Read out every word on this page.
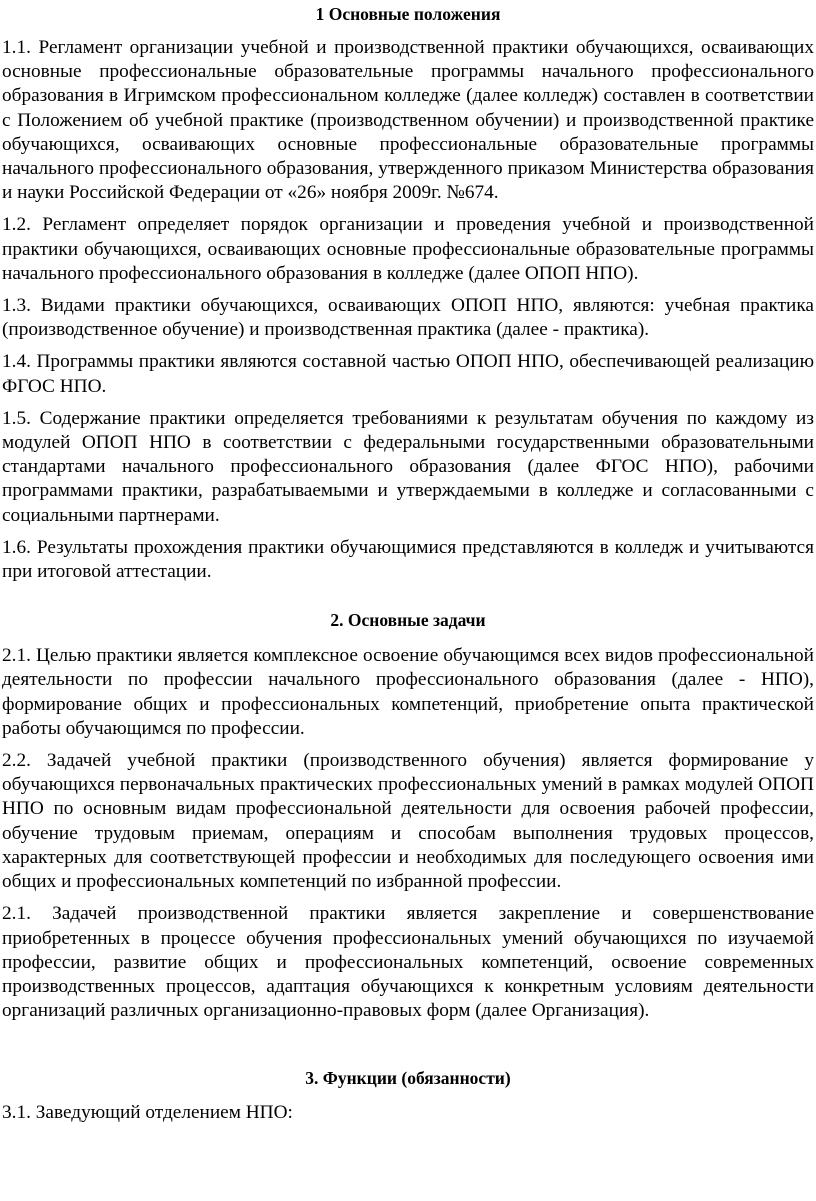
1 Основные положения

1.1. Регламент организации учебной и производственной практики обучающихся, осваивающих основные профессиональные образовательные программы начального профессионального образования в Игримском профессиональном колледже (далее колледж) составлен в соответствии с Положением об учебной практике (производственном обучении) и производственной практике обучающихся, осваивающих основные профессиональные образовательные программы начального профессионального образования, утвержденного приказом Министерства образования и науки Российской Федерации от «26» ноября 2009г. №674.

1.2. Регламент определяет порядок организации и проведения учебной и производственной практики обучающихся, осваивающих основные профессиональные образовательные программы начального профессионального образования в колледже (далее ОПОП НПО).

1.3. Видами практики обучающихся, осваивающих ОПОП НПО, являются: учебная практика (производственное обучение) и производственная практика (далее - практика).

1.4. Программы практики являются составной частью ОПОП НПО, обеспечивающей реализацию ФГОС НПО.

1.5. Содержание практики определяется требованиями к результатам обучения по каждому из модулей ОПОП НПО в соответствии с федеральными государственными образовательными стандартами начального профессионального образования (далее ФГОС НПО), рабочими программами практики, разрабатываемыми и утверждаемыми в колледже и согласованными с социальными партнерами.

1.6. Результаты прохождения практики обучающимися представляются в колледж и учитываются при итоговой аттестации.

2. Основные задачи

2.1. Целью практики является комплексное освоение обучающимся всех видов профессиональной деятельности по профессии начального профессионального образования (далее - НПО), формирование общих и профессиональных компетенций, приобретение опыта практической работы обучающимся по профессии.

2.2. Задачей учебной практики (производственного обучения) является формирование у обучающихся первоначальных практических профессиональных умений в рамках модулей ОПОП НПО по основным видам профессиональной деятельности для освоения рабочей профессии, обучение трудовым приемам, операциям и способам выполнения трудовых процессов, характерных для соответствующей профессии и необходимых для последующего освоения ими общих и профессиональных компетенций по избранной профессии.

2.1. Задачей производственной практики является закрепление и совершенствование приобретенных в процессе обучения профессиональных умений обучающихся по изучаемой профессии, развитие общих и профессиональных компетенций, освоение современных производственных процессов, адаптация обучающихся к конкретным условиям деятельности организаций различных организационно-правовых форм (далее Организация).

3. Функции (обязанности)

3.1. Заведующий отделением НПО:
